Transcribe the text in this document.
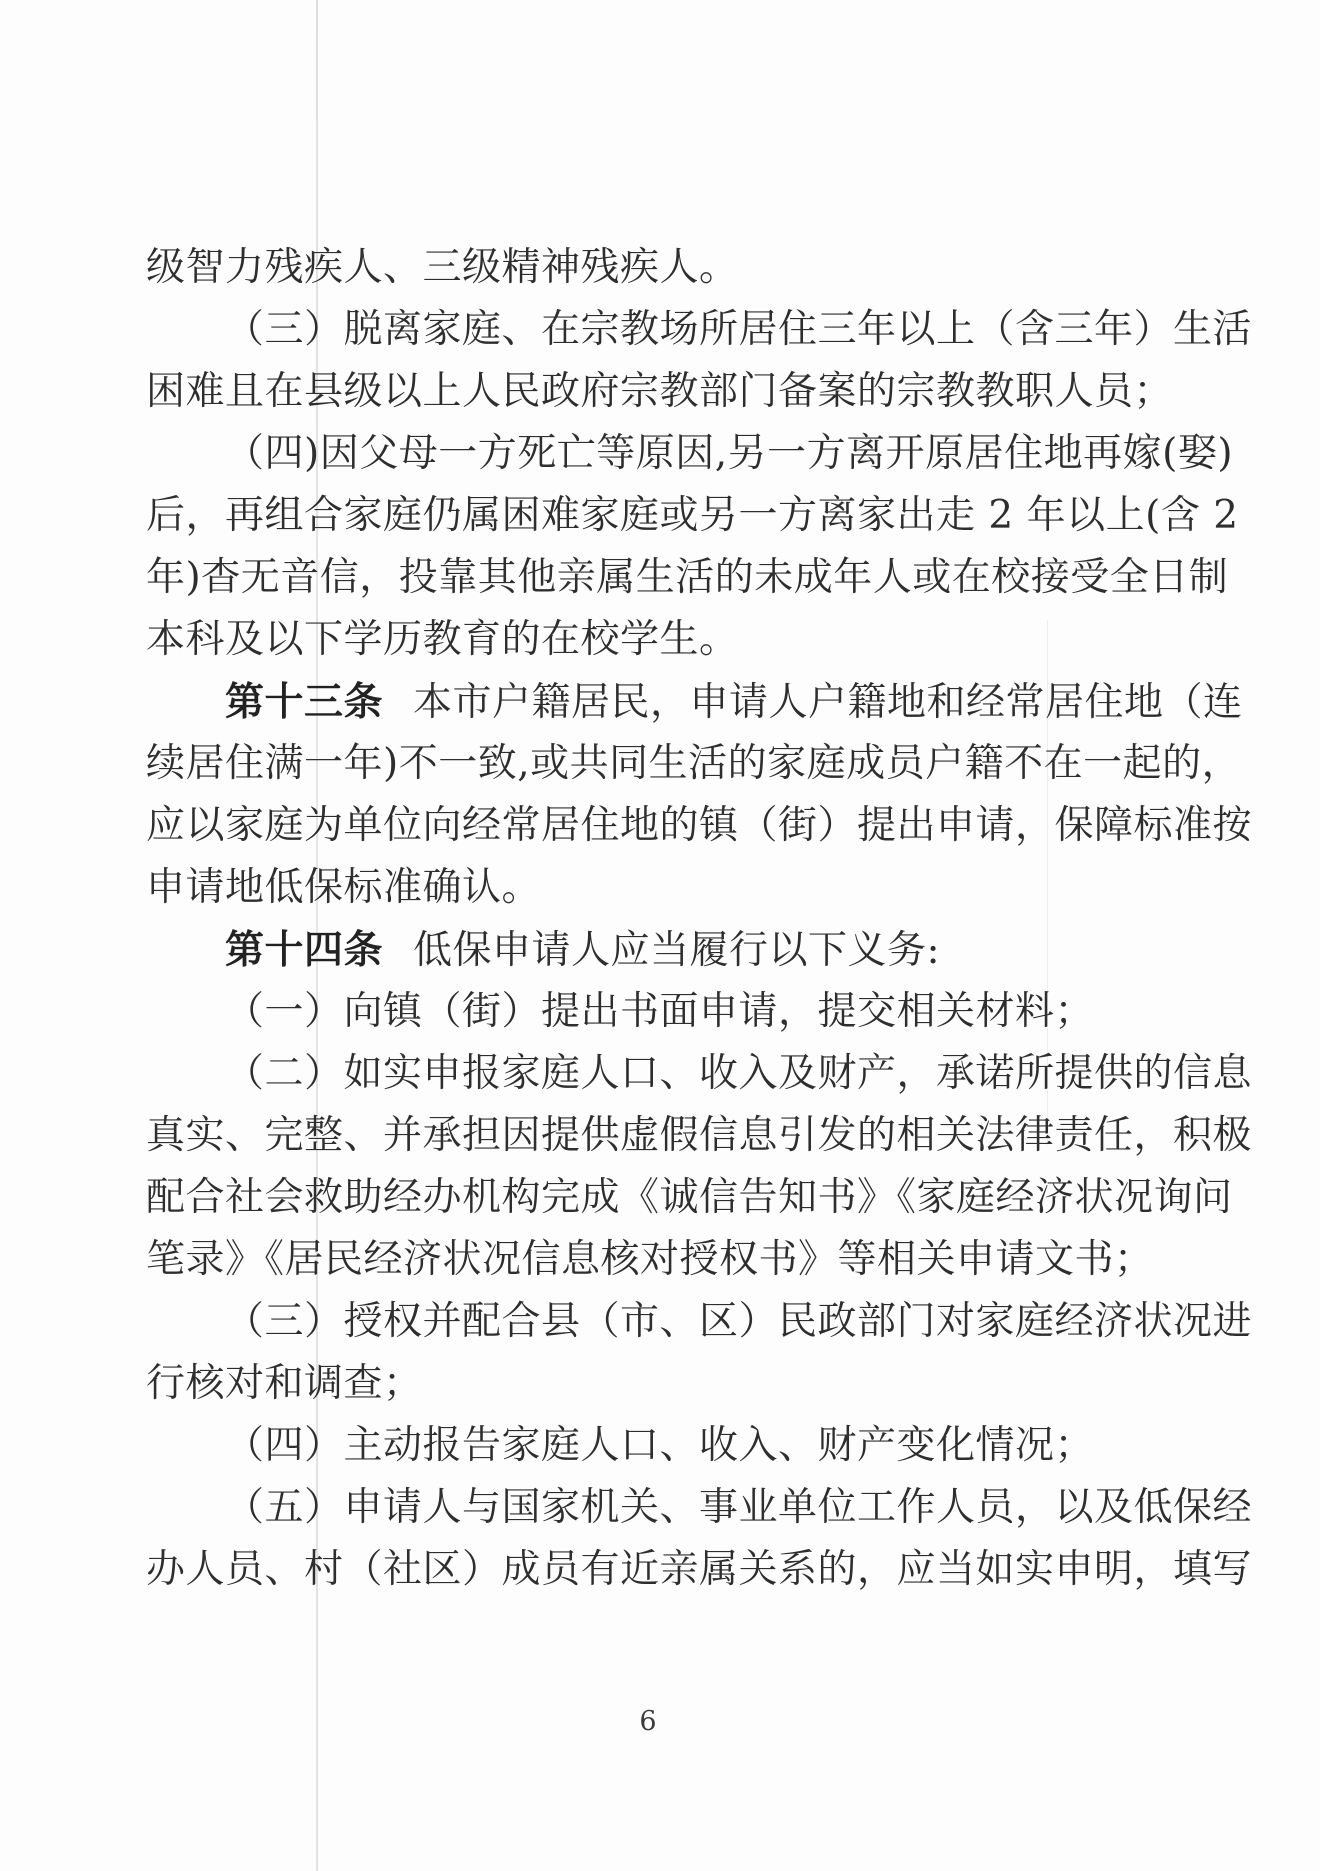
级智力残疾人、三级精神残疾人。
（三）脱离家庭、在宗教场所居住三年以上（含三年）生活
困难且在县级以上人民政府宗教部门备案的宗教教职人员；
（四)因父母一方死亡等原因,另一方离开原居住地再嫁(娶)
后，再组合家庭仍属困难家庭或另一方离家出走 2 年以上(含 2
年)杳无音信，投靠其他亲属生活的未成年人或在校接受全日制
本科及以下学历教育的在校学生。
第十三条 本市户籍居民，申请人户籍地和经常居住地（连
续居住满一年)不一致,或共同生活的家庭成员户籍不在一起的，
应以家庭为单位向经常居住地的镇（街）提出申请，保障标准按
申请地低保标准确认。
第十四条 低保申请人应当履行以下义务:
（一）向镇（街）提出书面申请，提交相关材料；
（二）如实申报家庭人口、收入及财产，承诺所提供的信息
真实、完整、并承担因提供虚假信息引发的相关法律责任，积极
配合社会救助经办机构完成《诚信告知书》《家庭经济状况询问
笔录》《居民经济状况信息核对授权书》等相关申请文书；
（三）授权并配合县（市、区）民政部门对家庭经济状况进
行核对和调查；
（四）主动报告家庭人口、收入、财产变化情况；
（五）申请人与国家机关、事业单位工作人员，以及低保经
办人员、村（社区）成员有近亲属关系的，应当如实申明，填写
6
